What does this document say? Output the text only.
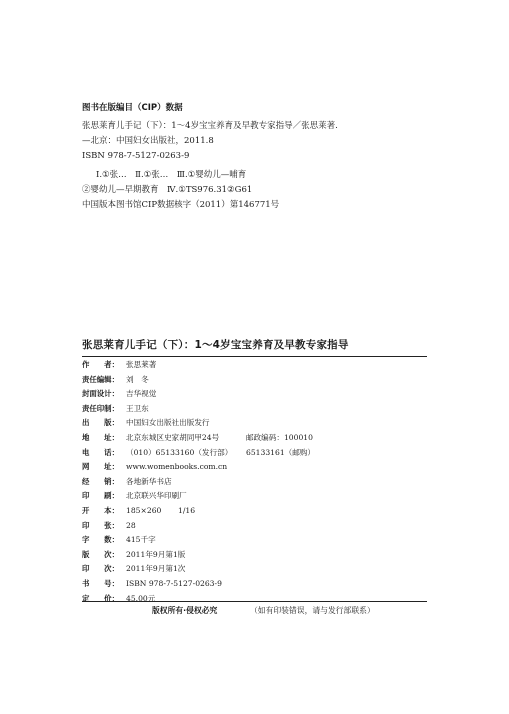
图书在版编目（CIP）数据
张思莱育儿手记（下）：1～4岁宝宝养育及早教专家指导／张思莱著.
—北京：中国妇女出版社，2011.8
ISBN 978-7-5127-0263-9
Ⅰ.①张…　Ⅱ.①张…　Ⅲ.①婴幼儿—哺育
②婴幼儿—早期教育　Ⅳ.①TS976.31②G61
中国版本图书馆CIP数据核字（2011）第146771号
张思莱育儿手记（下）：1～4岁宝宝养育及早教专家指导
作　　者： 张思莱著
责任编辑： 刘　冬
封面设计： 吉华视觉
责任印制： 王卫东
出　　版： 中国妇女出版社出版发行
地　　址： 北京东城区史家胡同甲24号	邮政编码：100010
电　　话： （010）65133160（发行部） 65133161（邮购）
网　　址： www.womenbooks.com.cn
经　　销： 各地新华书店
印　　刷： 北京联兴华印刷厂
开　　本： 185×260 1/16
印　　张： 28
字　　数： 415千字
版　　次： 2011年9月第1版
印　　次： 2011年9月第1次
书　　号： ISBN 978-7-5127-0263-9
定　　价： 45.00元
版权所有·侵权必究	（如有印装错误，请与发行部联系）
